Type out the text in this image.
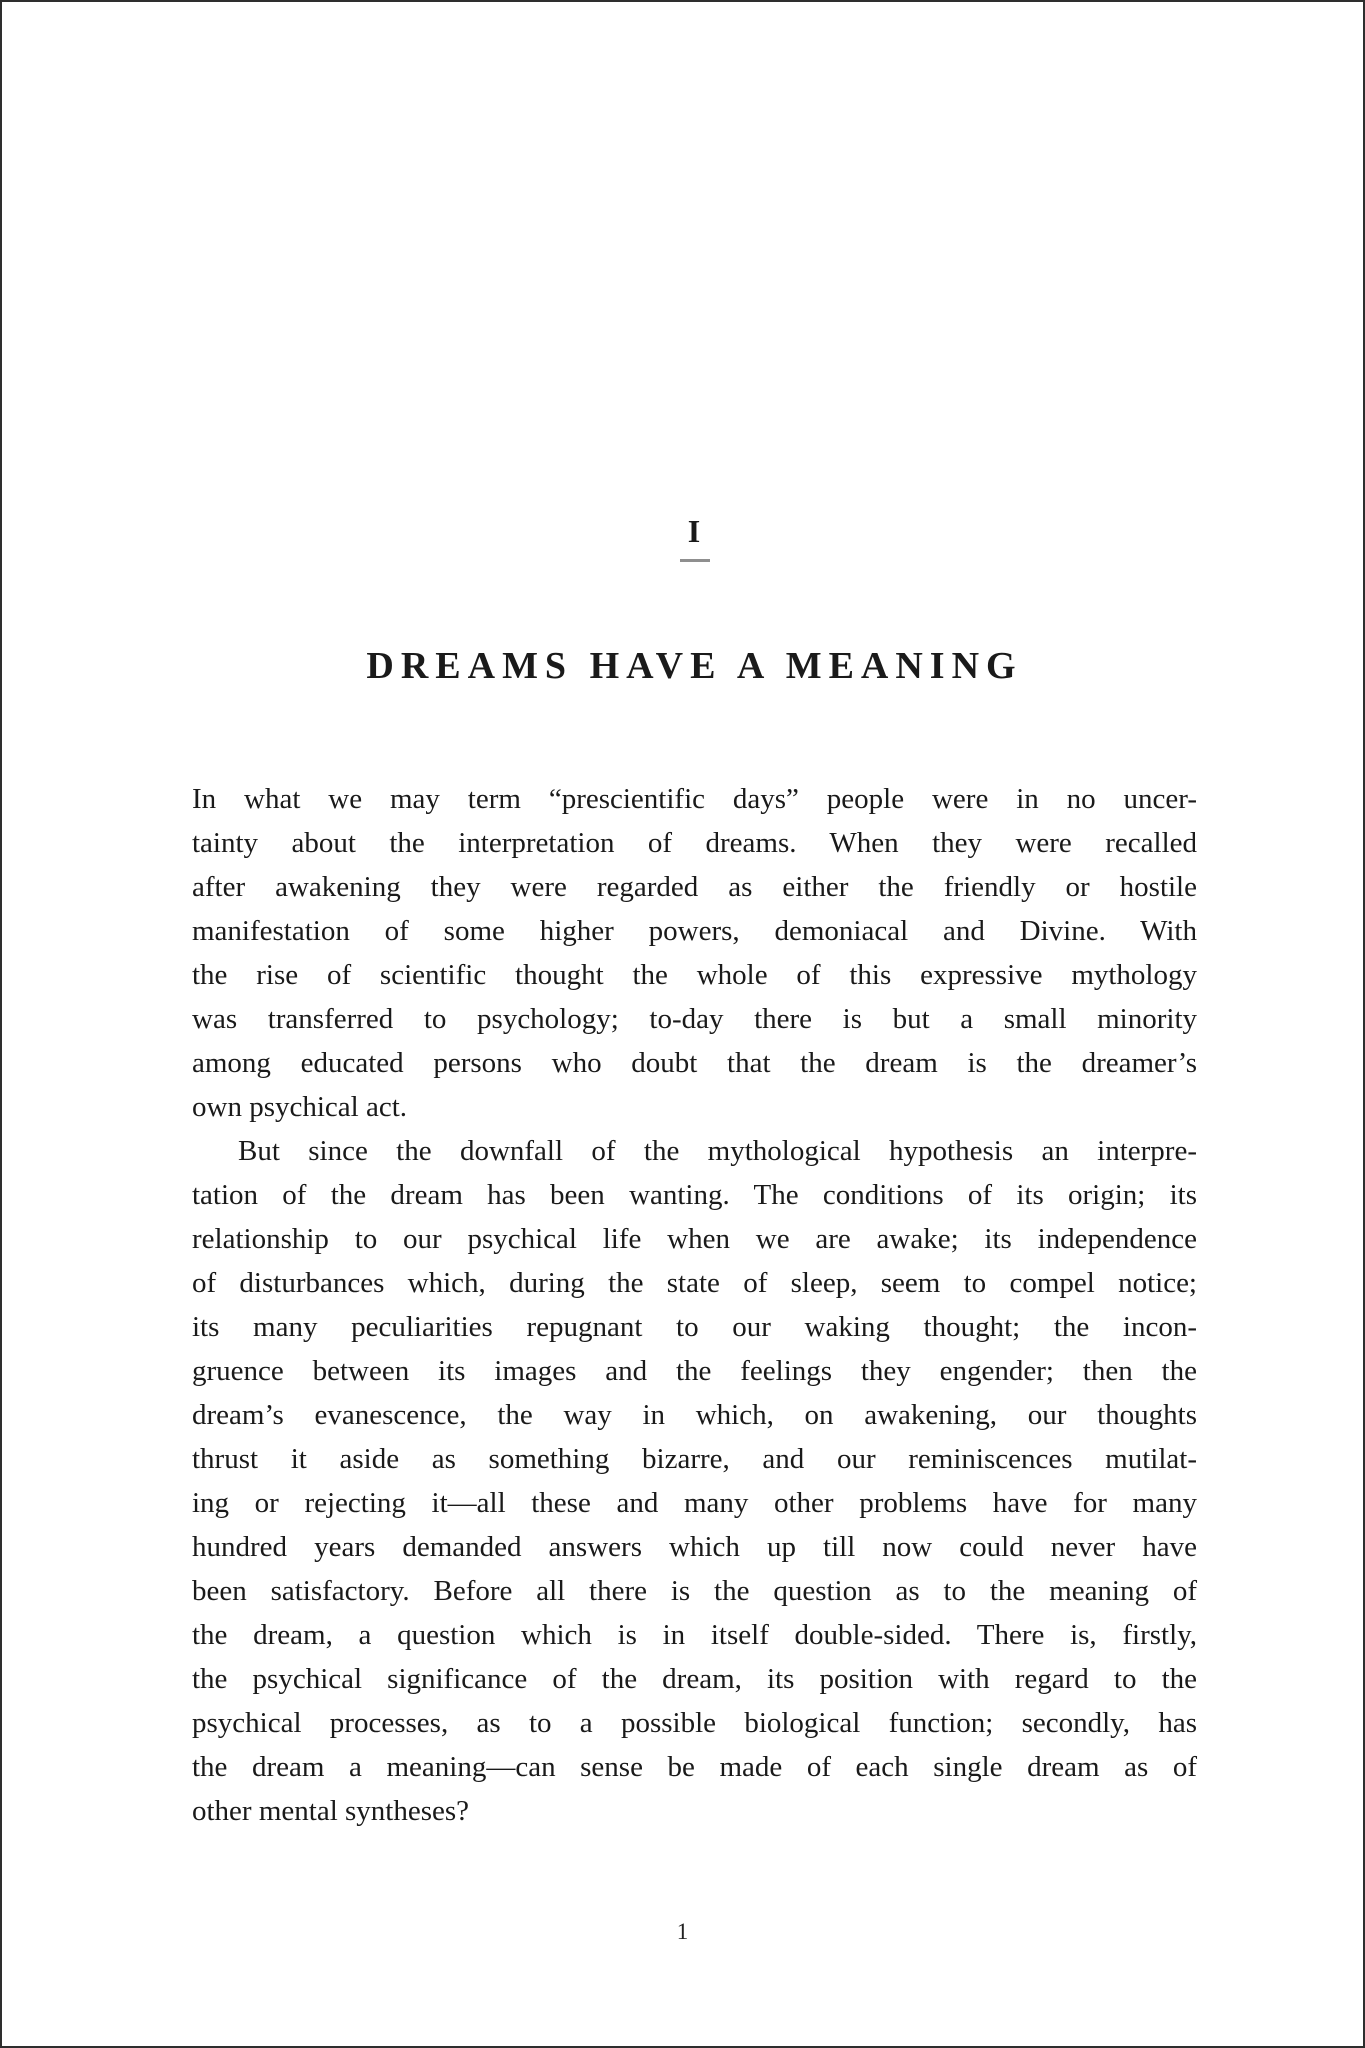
I
DREAMS HAVE A MEANING
In what we may term “prescientific days” people were in no uncer-
tainty about the interpretation of dreams. When they were recalled
after awakening they were regarded as either the friendly or hostile
manifestation of some higher powers, demoniacal and Divine. With
the rise of scientific thought the whole of this expressive mythology
was transferred to psychology; to-day there is but a small minority
among educated persons who doubt that the dream is the dreamer’s
own psychical act.
But since the downfall of the mythological hypothesis an interpre-
tation of the dream has been wanting. The conditions of its origin; its
relationship to our psychical life when we are awake; its independence
of disturbances which, during the state of sleep, seem to compel notice;
its many peculiarities repugnant to our waking thought; the incon-
gruence between its images and the feelings they engender; then the
dream’s evanescence, the way in which, on awakening, our thoughts
thrust it aside as something bizarre, and our reminiscences mutilat-
ing or rejecting it—all these and many other problems have for many
hundred years demanded answers which up till now could never have
been satisfactory. Before all there is the question as to the meaning of
the dream, a question which is in itself double-sided. There is, firstly,
the psychical significance of the dream, its position with regard to the
psychical processes, as to a possible biological function; secondly, has
the dream a meaning—can sense be made of each single dream as of
other mental syntheses?
1
